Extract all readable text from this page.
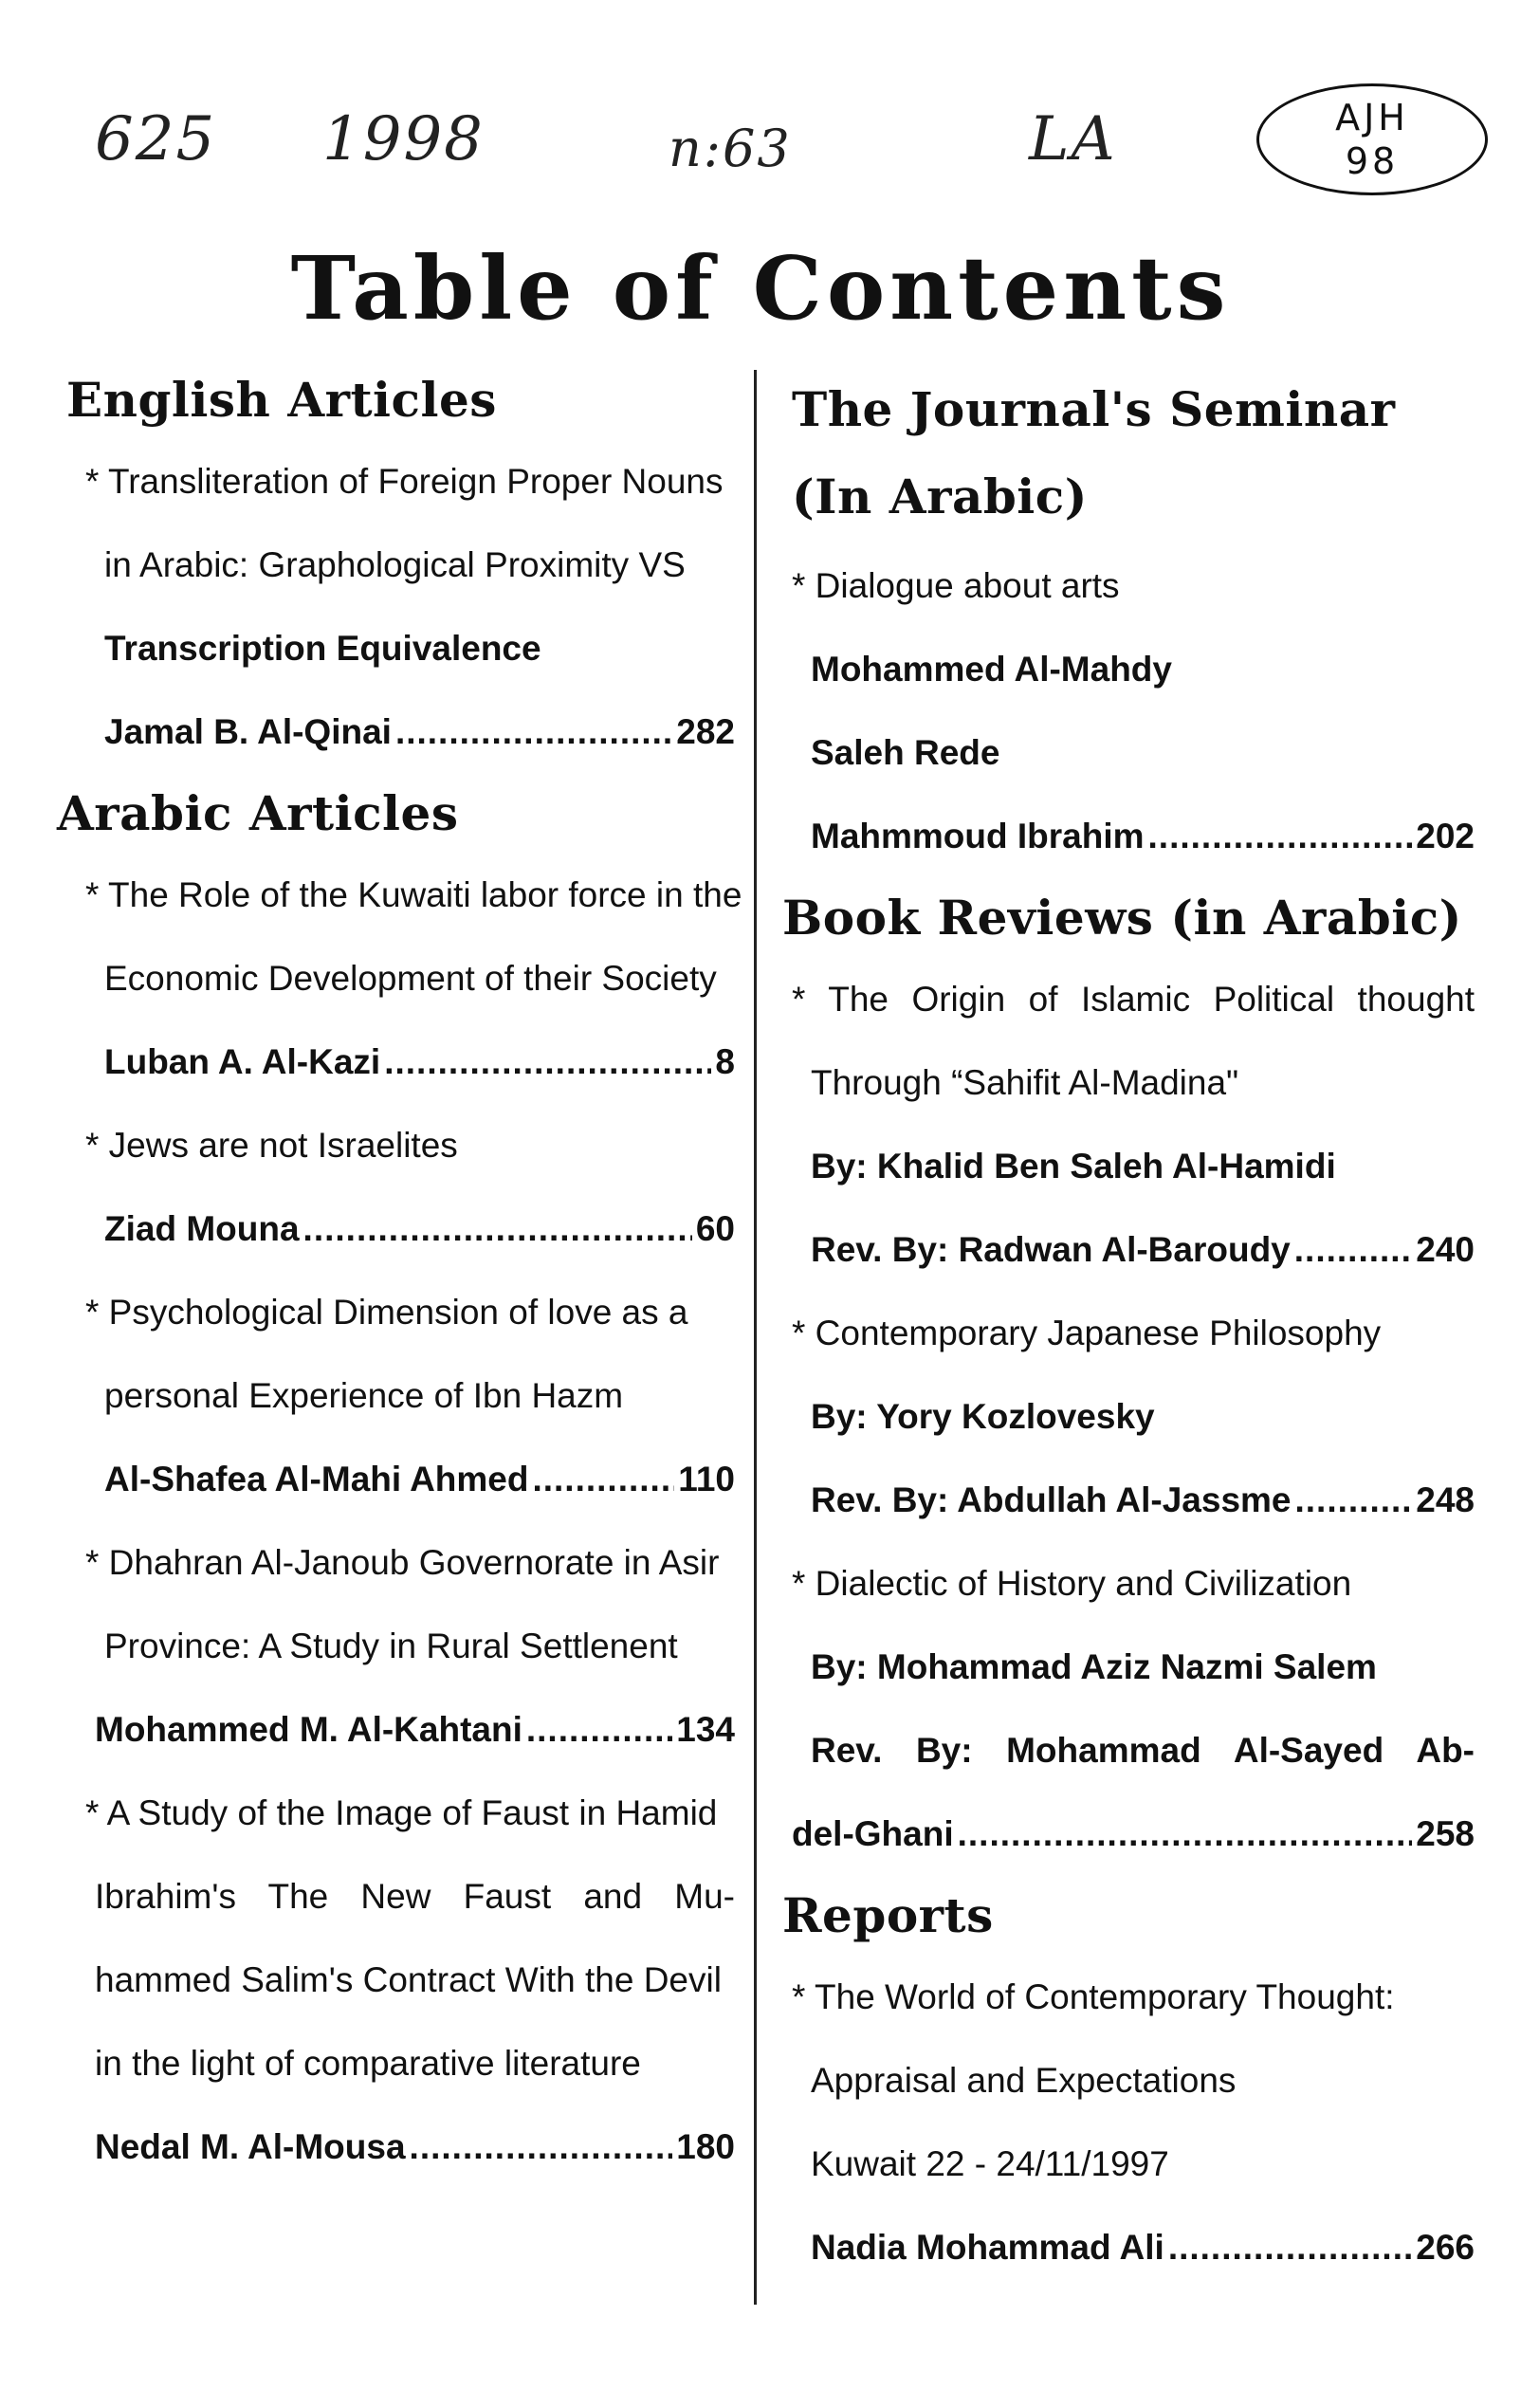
625 1998	n:63	LA	AJH
98
Table of Contents
English Articles
* Transliteration of Foreign Proper Nouns
in Arabic: Graphological Proximity VS
Transcription Equivalence
Jamal B. Al-Qinai .....	282
Arabic Articles
* The Role of the Kuwaiti labor force in the
Economic Development of their Society
Luban A. Al-Kazi .....	8
* Jews are not Israelites
Ziad Mouna .....	60
* Psychological Dimension of love as a
personal Experience of Ibn Hazm
Al-Shafea Al-Mahi Ahmed .....	110
* Dhahran Al-Janoub Governorate in Asir
Province: A Study in Rural Settlenent
Mohammed M. Al-Kahtani .....	134
* A Study of the Image of Faust in Hamid
Ibrahim's The New Faust and Mu-
hammed Salim's Contract With the Devil
in the light of comparative literature
Nedal M. Al-Mousa .....	180
The Journal's Seminar
(In Arabic)
* Dialogue about arts
Mohammed Al-Mahdy
Saleh Rede
Mahmmoud Ibrahim .....	202
Book Reviews (in Arabic)
* The Origin of Islamic Political thought
Through “Sahifit Al-Madina"
By: Khalid Ben Saleh Al-Hamidi
Rev. By: Radwan Al-Baroudy .....	240
* Contemporary Japanese Philosophy
By: Yory Kozlovesky
Rev. By: Abdullah Al-Jassme .....	248
* Dialectic of History and Civilization
By: Mohammad Aziz Nazmi Salem
Rev. By: Mohammad Al-Sayed Ab-
del-Ghani .....	258
Reports
* The World of Contemporary Thought:
Appraisal and Expectations
Kuwait 22 - 24/11/1997
Nadia Mohammad Ali .....	266
